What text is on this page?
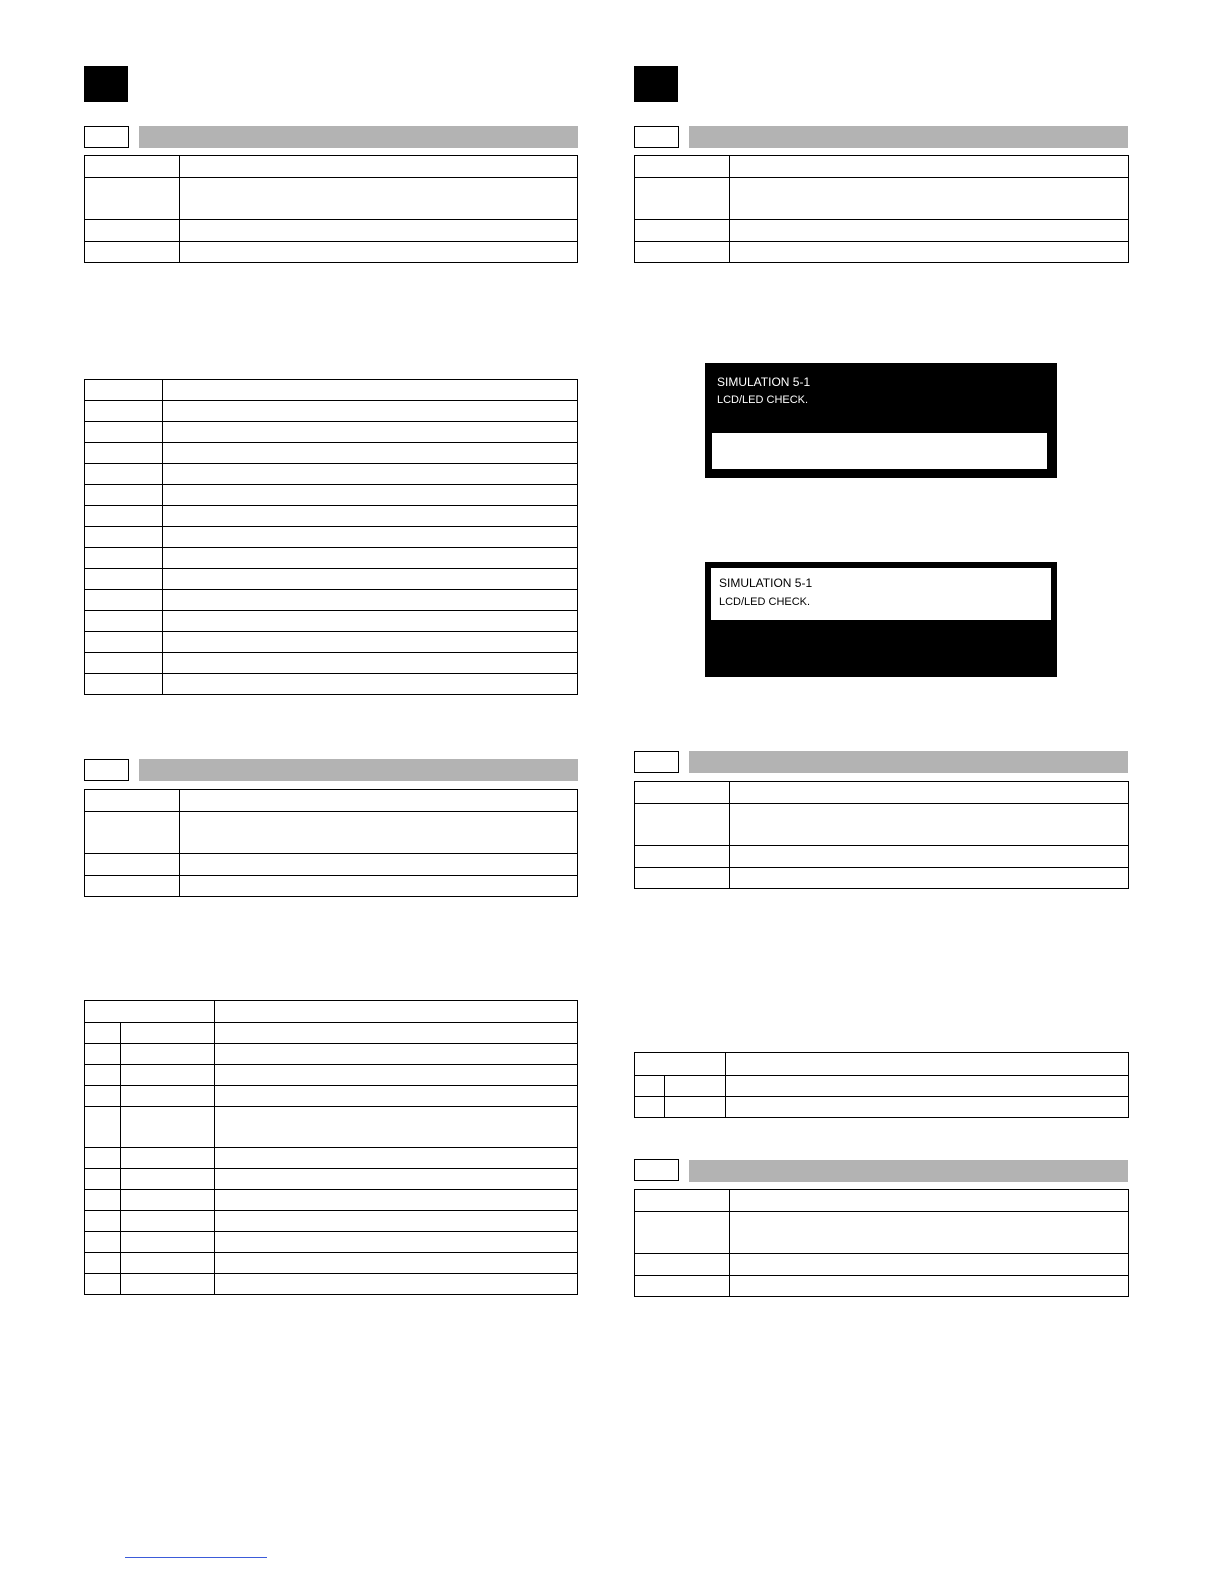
SIMULATION 5-1
LCD/LED CHECK.
SIMULATION 5-1
LCD/LED CHECK.
